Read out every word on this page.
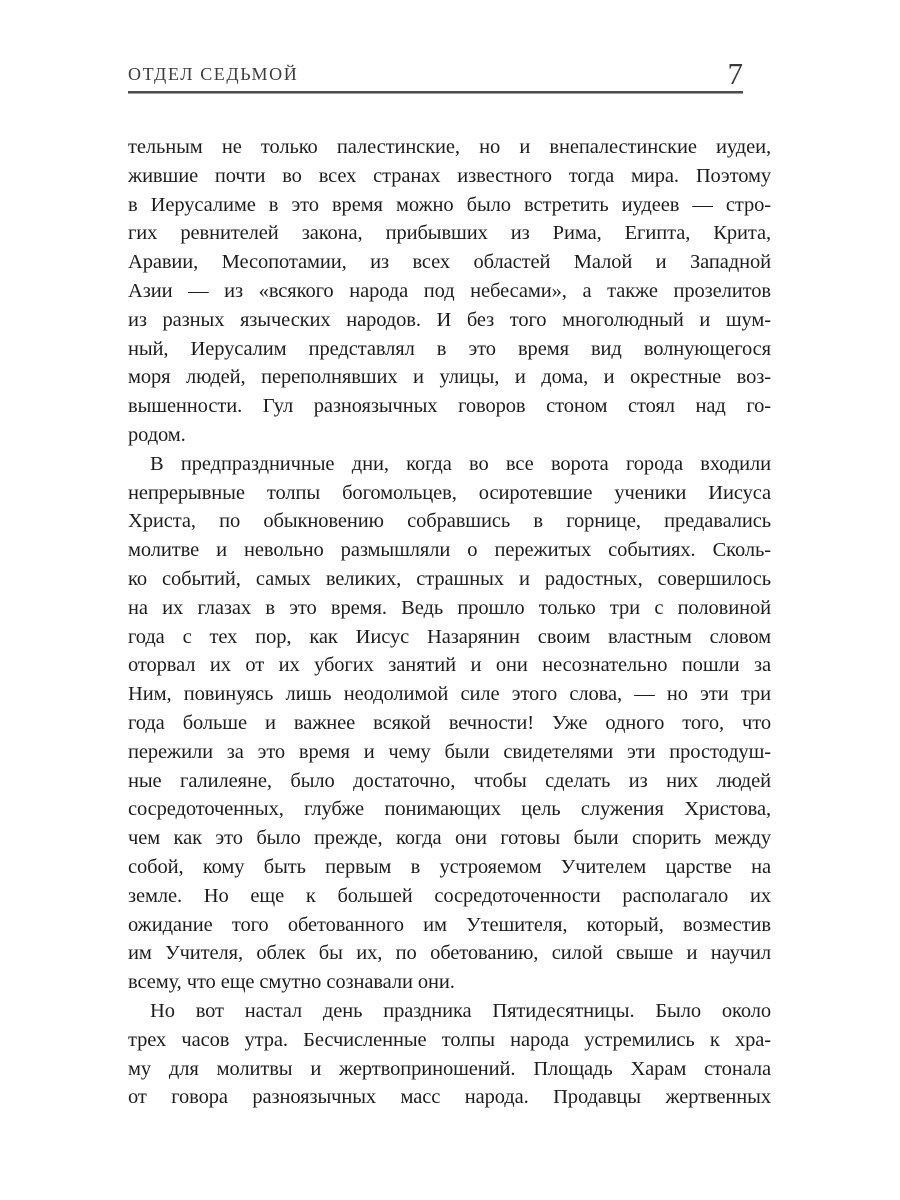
ОТДЕЛ СЕДЬМОЙ	7
тельным не только палестинские, но и внепалестинские иудеи,
жившие почти во всех странах известного тогда мира. Поэтому
в Иерусалиме в это время можно было встретить иудеев — стро-
гих ревнителей закона, прибывших из Рима, Египта, Крита,
Аравии, Месопотамии, из всех областей Малой и Западной
Азии — из «всякого народа под небесами», а также прозелитов
из разных языческих народов. И без того многолюдный и шум-
ный, Иерусалим представлял в это время вид волнующегося
моря людей, переполнявших и улицы, и дома, и окрестные воз-
вышенности. Гул разноязычных говоров стоном стоял над го-
родом.
В предпраздничные дни, когда во все ворота города входили
непрерывные толпы богомольцев, осиротевшие ученики Иисуса
Христа, по обыкновению собравшись в горнице, предавались
молитве и невольно размышляли о пережитых событиях. Сколь-
ко событий, самых великих, страшных и радостных, совершилось
на их глазах в это время. Ведь прошло только три с половиной
года с тех пор, как Иисус Назарянин своим властным словом
оторвал их от их убогих занятий и они несознательно пошли за
Ним, повинуясь лишь неодолимой силе этого слова, — но эти три
года больше и важнее всякой вечности! Уже одного того, что
пережили за это время и чему были свидетелями эти простодуш-
ные галилеяне, было достаточно, чтобы сделать из них людей
сосредоточенных, глубже понимающих цель служения Христова,
чем как это было прежде, когда они готовы были спорить между
собой, кому быть первым в устрояемом Учителем царстве на
земле. Но еще к большей сосредоточенности располагало их
ожидание того обетованного им Утешителя, который, возместив
им Учителя, облек бы их, по обетованию, силой свыше и научил
всему, что еще смутно сознавали они.
Но вот настал день праздника Пятидесятницы. Было около
трех часов утра. Бесчисленные толпы народа устремились к хра-
му для молитвы и жертвоприношений. Площадь Харам стонала
от говора разноязычных масс народа. Продавцы жертвенных
